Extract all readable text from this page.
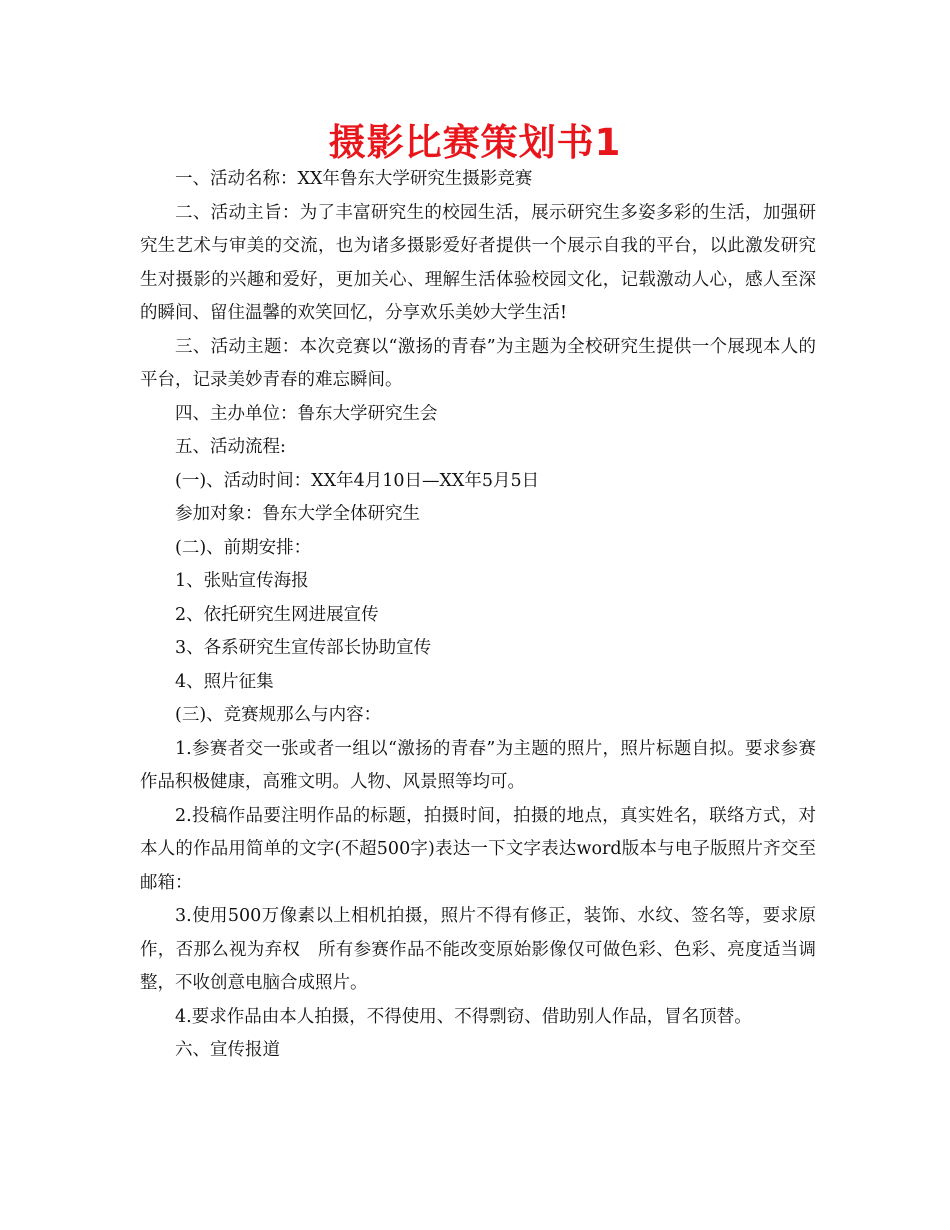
摄影比赛策划书1

一、活动名称：XX年鲁东大学研究生摄影竞赛

二、活动主旨：为了丰富研究生的校园生活，展示研究生多姿多彩的生活，加强研究生艺术与审美的交流，也为诸多摄影爱好者提供一个展示自我的平台，以此激发研究生对摄影的兴趣和爱好，更加关心、理解生活体验校园文化，记载激动人心，感人至深的瞬间、留住温馨的欢笑回忆，分享欢乐美妙大学生活!

三、活动主题：本次竞赛以“激扬的青春”为主题为全校研究生提供一个展现本人的平台，记录美妙青春的难忘瞬间。

四、主办单位：鲁东大学研究生会

五、活动流程:

(一)、活动时间：XX年4月10日—XX年5月5日

参加对象：鲁东大学全体研究生

(二)、前期安排：

1、张贴宣传海报

2、依托研究生网进展宣传

3、各系研究生宣传部长协助宣传

4、照片征集

(三)、竞赛规那么与内容：

1.参赛者交一张或者一组以“激扬的青春”为主题的照片，照片标题自拟。要求参赛作品积极健康，高雅文明。人物、风景照等均可。

2.投稿作品要注明作品的标题，拍摄时间，拍摄的地点，真实姓名，联络方式，对本人的作品用简单的文字(不超500字)表达一下文字表达word版本与电子版照片齐交至邮箱：

3.使用500万像素以上相机拍摄，照片不得有修正，装饰、水纹、签名等，要求原作，否那么视为弃权　所有参赛作品不能改变原始影像仅可做色彩、色彩、亮度适当调整，不收创意电脑合成照片。

4.要求作品由本人拍摄，不得使用、不得剽窃、借助别人作品，冒名顶替。

六、宣传报道
